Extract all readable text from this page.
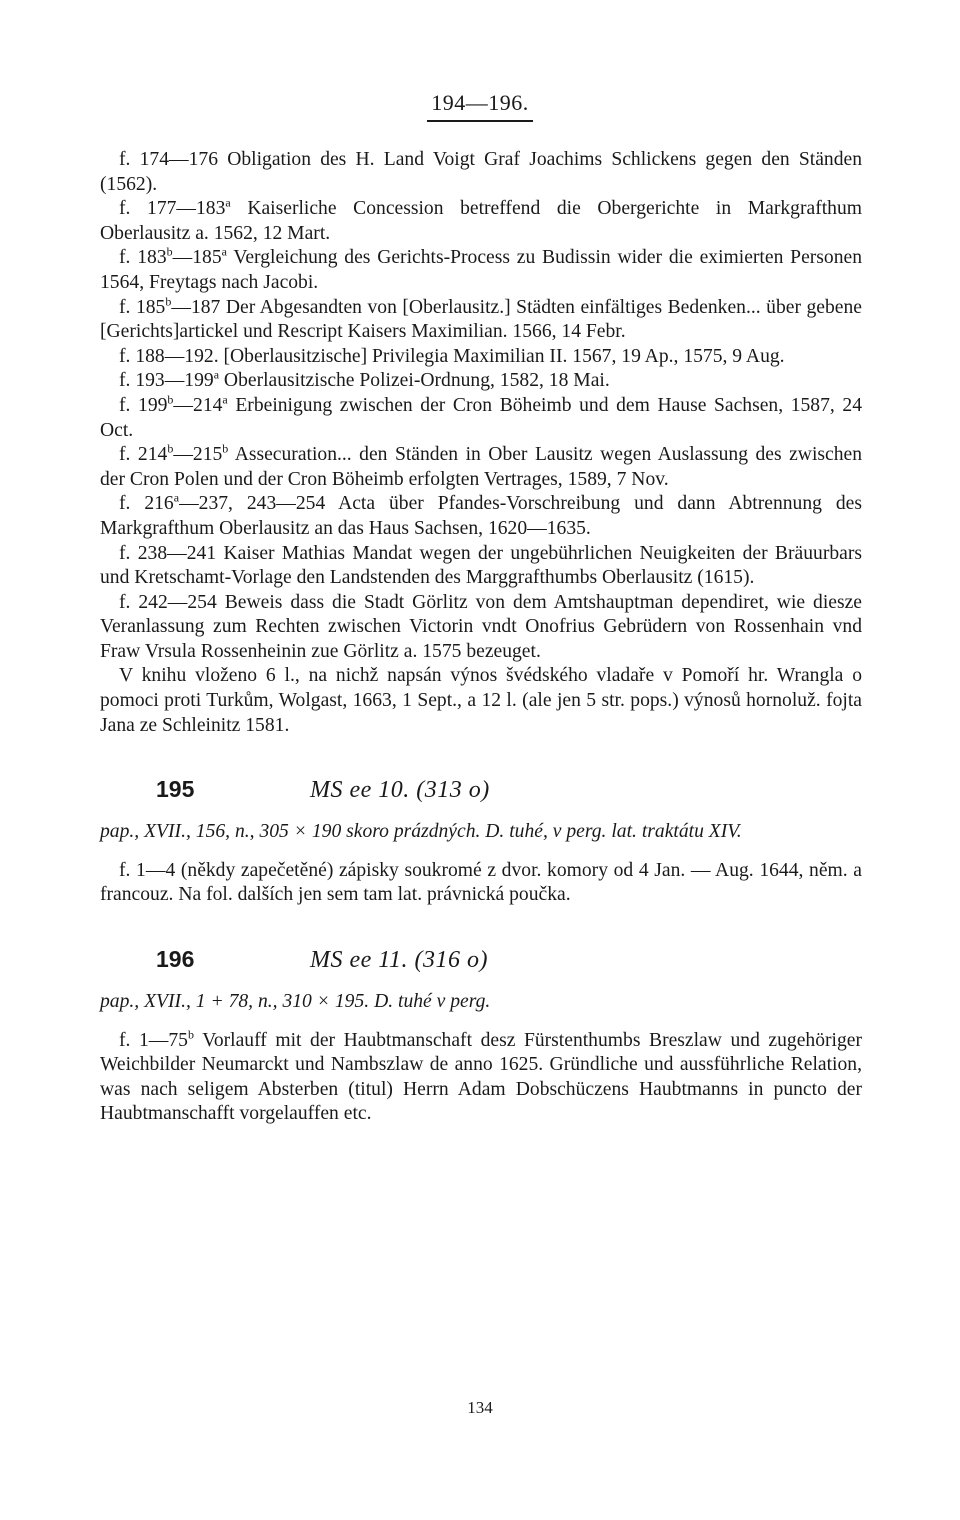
194—196.

f. 174—176 Obligation des H. Land Voigt Graf Joachims Schlickens gegen den Ständen (1562).

f. 177—183$^a$ Kaiserliche Concession betreffend die Obergerichte in Markgrafthum Oberlausitz a. 1562, 12 Mart.

f. 183$^b$—185$^a$ Vergleichung des Gerichts-Process zu Budissin wider die eximierten Personen 1564, Freytags nach Jacobi.

f. 185$^b$—187 Der Abgesandten von [Oberlausitz.] Städten einfältiges Bedenken... über gebene [Gerichts]artickel und Rescript Kaisers Maximilian. 1566, 14 Febr.

f. 188—192. [Oberlausitzische] Privilegia Maximilian II. 1567, 19 Ap., 1575, 9 Aug.

f. 193—199$^a$ Oberlausitzische Polizei-Ordnung, 1582, 18 Mai.

f. 199$^b$—214$^a$ Erbeinigung zwischen der Cron Böheimb und dem Hause Sachsen, 1587, 24 Oct.

f. 214$^b$—215$^b$ Assecuration... den Ständen in Ober Lausitz wegen Auslassung des zwischen der Cron Polen und der Cron Böheimb erfolgten Vertrages, 1589, 7 Nov.

f. 216$^a$—237, 243—254 Acta über Pfandes-Vorschreibung und dann Abtrennung des Markgrafthum Oberlausitz an das Haus Sachsen, 1620—1635.

f. 238—241 Kaiser Mathias Mandat wegen der ungebührlichen Neuigkeiten der Bräuurbars und Kretschamt-Vorlage den Landstenden des Marggrafthumbs Oberlausitz (1615).

f. 242—254 Beweis dass die Stadt Görlitz von dem Amtshauptman dependiret, wie diesze Veranlassung zum Rechten zwischen Victorin vndt Onofrius Gebrüdern von Rossenhain vnd Fraw Vrsula Rossenheinin zue Görlitz a. 1575 bezeuget.

V knihu vloženo 6 l., na nichž napsán výnos švédského vladaře v Pomoří hr. Wrangla o pomoci proti Turkům, Wolgast, 1663, 1 Sept., a 12 l. (ale jen 5 str. pops.) výnosů hornoluž. fojta Jana ze Schleinitz 1581.

195	MS ee 10. (313 o)

pap., XVII., 156, n., 305 × 190 skoro prázdných. D. tuhé, v perg. lat. traktátu XIV.

f. 1—4 (někdy zapečetěné) zápisky soukromé z dvor. komory od 4 Jan. — Aug. 1644, něm. a francouz. Na fol. dalších jen sem tam lat. právnická poučka.

196	MS ee 11. (316 o)

pap., XVII., 1 + 78, n., 310 × 195. D. tuhé v perg.

f. 1—75$^b$ Vorlauff mit der Haubtmanschaft desz Fürstenthumbs Breszlaw und zugehöriger Weichbilder Neumarckt und Nambszlaw de anno 1625. Gründliche und aussführliche Relation, was nach seligem Absterben (titul) Herrn Adam Dobschüczens Haubtmanns in puncto der Haubtmanschafft vorgelauffen etc.

134
